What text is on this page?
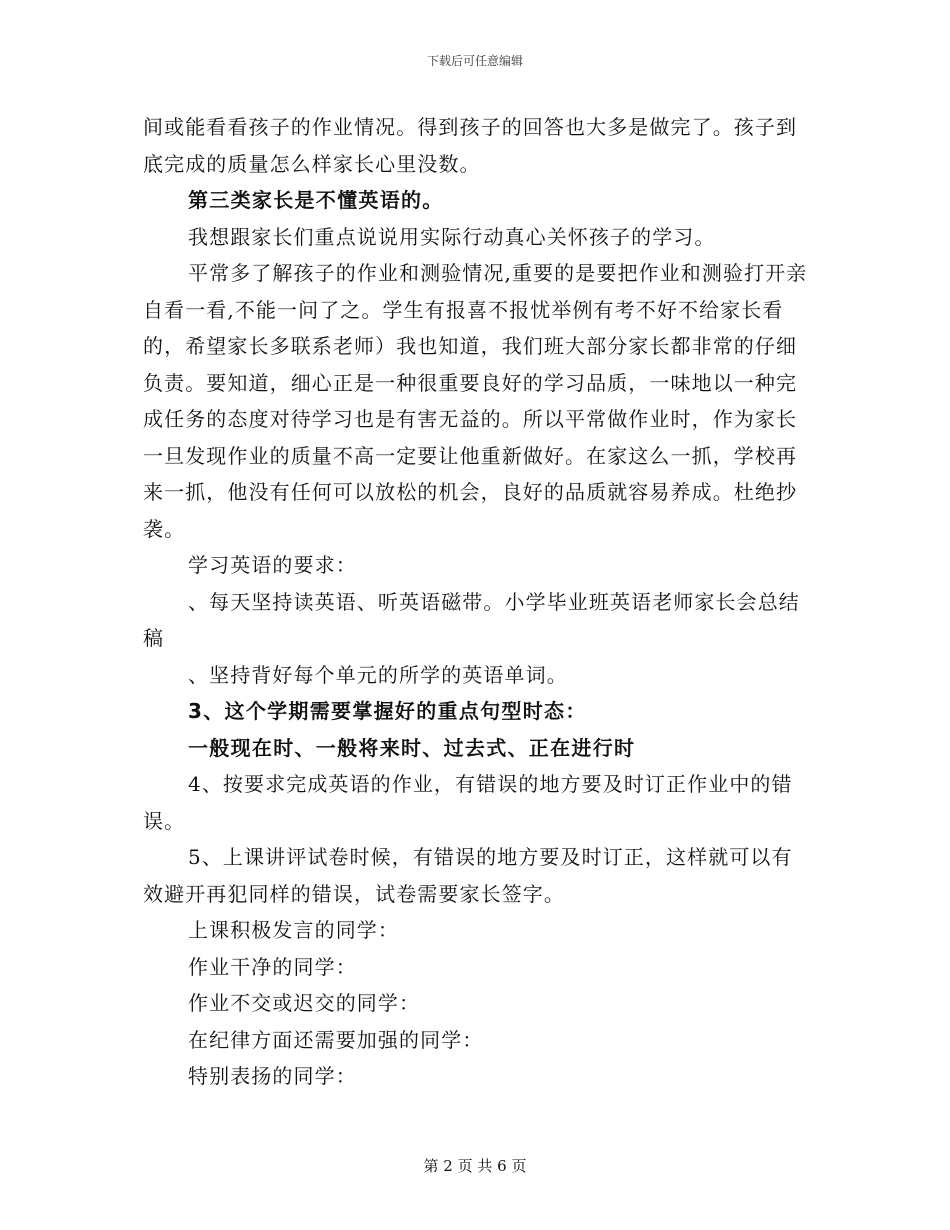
下载后可任意编辑

间或能看看孩子的作业情况。得到孩子的回答也大多是做完了。孩子到底完成的质量怎么样家长心里没数。

第三类家长是不懂英语的。

我想跟家长们重点说说用实际行动真心关怀孩子的学习。

平常多了解孩子的作业和测验情况,重要的是要把作业和测验打开亲自看一看,不能一问了之。学生有报喜不报忧举例有考不好不给家长看的，希望家长多联系老师）我也知道，我们班大部分家长都非常的仔细负责。要知道，细心正是一种很重要良好的学习品质，一味地以一种完成任务的态度对待学习也是有害无益的。所以平常做作业时，作为家长一旦发现作业的质量不高一定要让他重新做好。在家这么一抓，学校再来一抓，他没有任何可以放松的机会，良好的品质就容易养成。杜绝抄袭。

学习英语的要求：

、每天坚持读英语、听英语磁带。小学毕业班英语老师家长会总结稿

、坚持背好每个单元的所学的英语单词。

3、这个学期需要掌握好的重点句型时态：

一般现在时、一般将来时、过去式、正在进行时

4、按要求完成英语的作业，有错误的地方要及时订正作业中的错误。

5、上课讲评试卷时候，有错误的地方要及时订正，这样就可以有效避开再犯同样的错误，试卷需要家长签字。

上课积极发言的同学：

作业干净的同学：

作业不交或迟交的同学：

在纪律方面还需要加强的同学：

特别表扬的同学：

第 2 页 共 6 页
